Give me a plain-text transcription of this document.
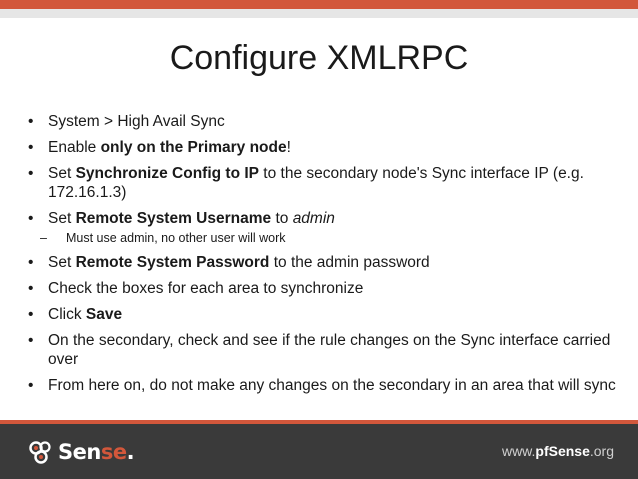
Configure XMLRPC
• System > High Avail Sync
• Enable only on the Primary node!
• Set Synchronize Config to IP to the secondary node's Sync interface IP (e.g. 172.16.1.3)
• Set Remote System Username to admin
– Must use admin, no other user will work
• Set Remote System Password to the admin password
• Check the boxes for each area to synchronize
• Click Save
• On the secondary, check and see if the rule changes on the Sync interface carried over
• From here on, do not make any changes on the secondary in an area that will sync
Sense.	www.pfSense.org
